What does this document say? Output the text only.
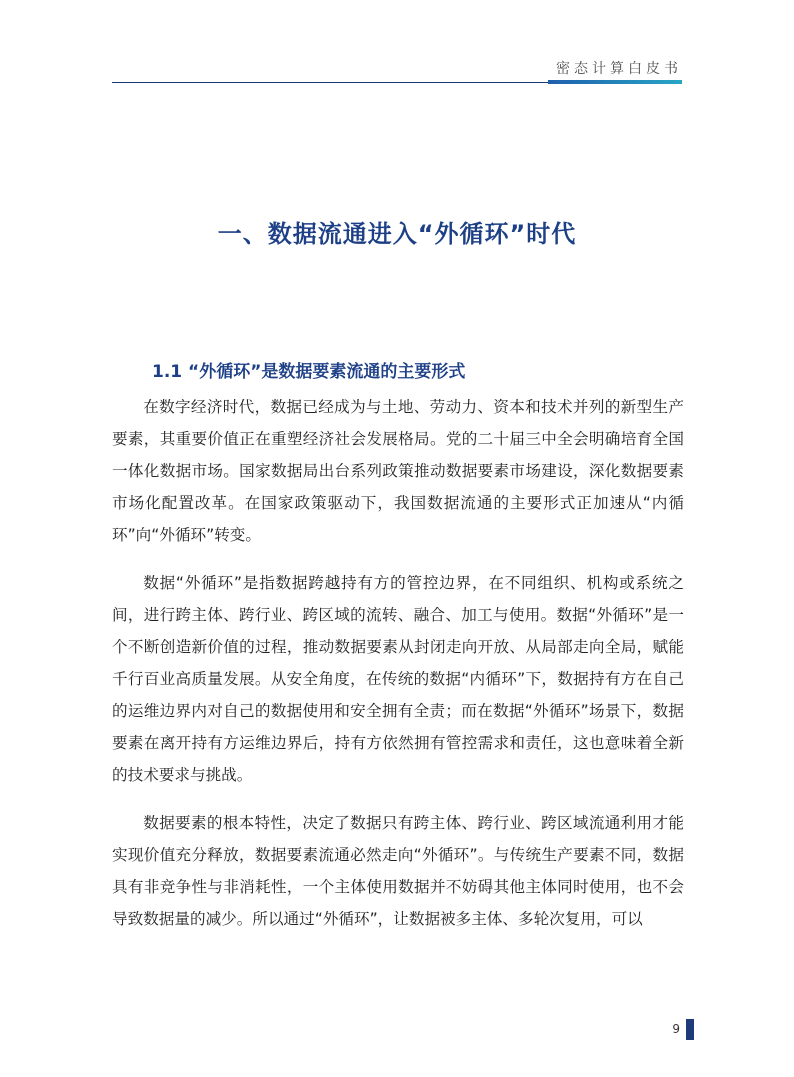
密态计算白皮书
一、数据流通进入“外循环”时代
1.1 “外循环”是数据要素流通的主要形式

在数字经济时代，数据已经成为与土地、劳动力、资本和技术并列的新型生产要素，其重要价值正在重塑经济社会发展格局。党的二十届三中全会明确培育全国一体化数据市场。国家数据局出台系列政策推动数据要素市场建设，深化数据要素市场化配置改革。在国家政策驱动下，我国数据流通的主要形式正加速从“内循环”向“外循环”转变。

数据“外循环”是指数据跨越持有方的管控边界，在不同组织、机构或系统之间，进行跨主体、跨行业、跨区域的流转、融合、加工与使用。数据“外循环”是一个不断创造新价值的过程，推动数据要素从封闭走向开放、从局部走向全局，赋能千行百业高质量发展。从安全角度，在传统的数据“内循环”下，数据持有方在自己的运维边界内对自己的数据使用和安全拥有全责；而在数据“外循环”场景下，数据要素在离开持有方运维边界后，持有方依然拥有管控需求和责任，这也意味着全新的技术要求与挑战。

数据要素的根本特性，决定了数据只有跨主体、跨行业、跨区域流通利用才能实现价值充分释放，数据要素流通必然走向“外循环”。与传统生产要素不同，数据具有非竞争性与非消耗性，一个主体使用数据并不妨碍其他主体同时使用，也不会导致数据量的减少。所以通过“外循环”，让数据被多主体、多轮次复用，可以

9
